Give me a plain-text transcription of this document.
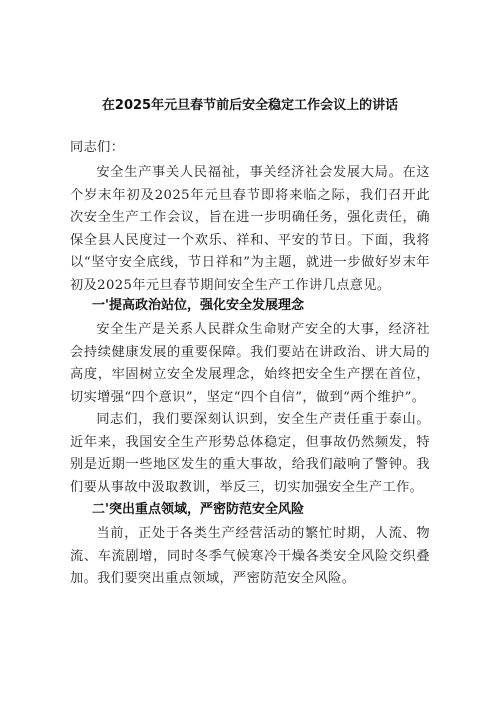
在2025年元旦春节前后安全稳定工作会议上的讲话
同志们：

安全生产事关人民福祉，事关经济社会发展大局。在这个岁末年初及2025年元旦春节即将来临之际，我们召开此次安全生产工作会议，旨在进一步明确任务，强化责任，确保全县人民度过一个欢乐、祥和、平安的节日。下面，我将以“坚守安全底线，节日祥和”为主题，就进一步做好岁末年初及2025年元旦春节期间安全生产工作讲几点意见。

一'提高政治站位，强化安全发展理念

安全生产是关系人民群众生命财产安全的大事，经济社会持续健康发展的重要保障。我们要站在讲政治、讲大局的高度，牢固树立安全发展理念，始终把安全生产摆在首位，切实增强“四个意识”，坚定“四个自信”，做到“两个维护”。

同志们，我们要深刻认识到，安全生产责任重于泰山。近年来，我国安全生产形势总体稳定，但事故仍然频发，特别是近期一些地区发生的重大事故，给我们敲响了警钟。我们要从事故中汲取教训，举反三，切实加强安全生产工作。

二'突出重点领域，严密防范安全风险

当前，正处于各类生产经营活动的繁忙时期，人流、物流、车流剧增，同时冬季气候寒冷干燥各类安全风险交织叠加。我们要突出重点领域，严密防范安全风险。
